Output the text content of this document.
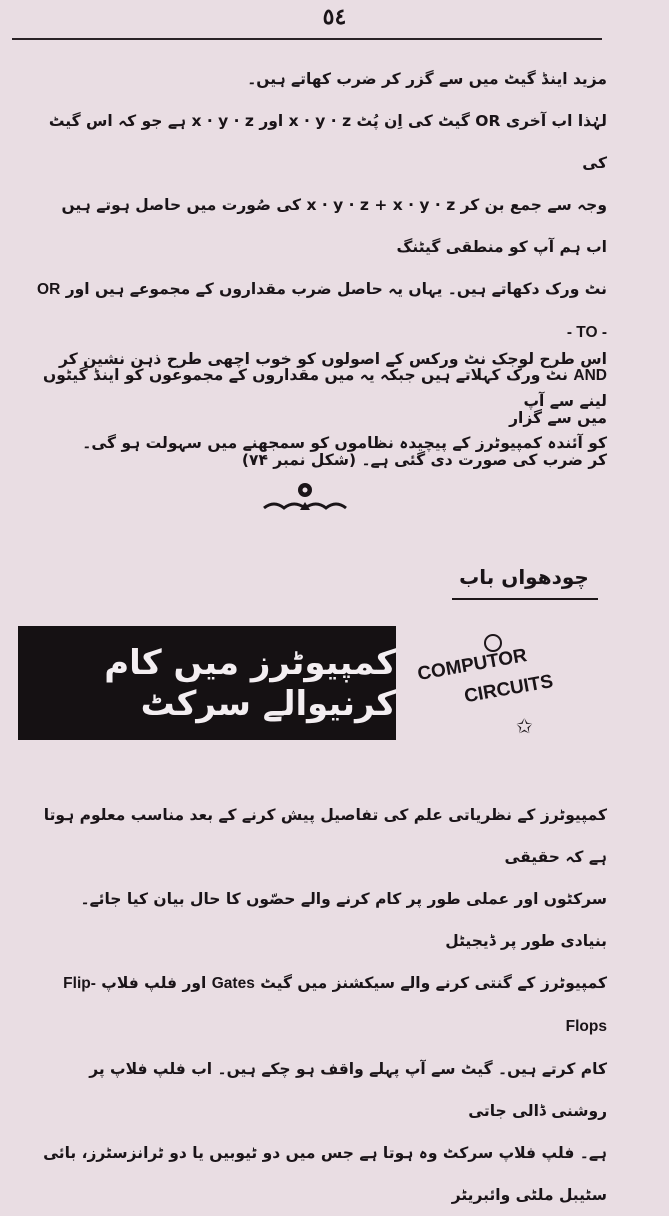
٥٤
مزید اینڈ گیٹ میں سے گزر کر ضرب کھاتے ہیں۔
لہٰذا اب آخری OR گیٹ کی اِن پُٹ x · y · z اور x · y · z ہے جو کہ اس گیٹ کی
وجہ سے جمع بن کر x · y · z + x · y · z کی صُورت میں حاصل ہوتے ہیں اب ہم آپ کو منطقی گیٹنگ
نٹ ورک دکھاتے ہیں۔ یہاں یہ حاصل ضرب مقداروں کے مجموعے ہیں اور OR - TO -
AND نٹ ورک کہلاتے ہیں جبکہ یہ میں مقداروں کے مجموعوں کو اینڈ گیٹوں میں سے گزار
کر ضرب کی صورت دی گئی ہے۔ (شکل نمبر ۷۴)
اس طرح لوجک نٹ ورکس کے اصولوں کو خوب اچھی طرح ذہن نشین کر لینے سے آپ
کو آئندہ کمپیوٹرز کے پیچیدہ نظاموں کو سمجھنے میں سہولت ہو گی۔
چودھواں باب
کمپیوٹرز میں کام کرنیوالے سرکٹ
COMPUTOR
CIRCUITS
✩
کمپیوٹرز کے نظریاتی علم کی تفاصیل پیش کرنے کے بعد مناسب معلوم ہوتا ہے کہ حقیقی
سرکٹوں اور عملی طور پر کام کرنے والے حصّوں کا حال بیان کیا جائے۔ بنیادی طور پر ڈیجیٹل
کمپیوٹرز کے گنتی کرنے والے سیکشنز میں گیٹ Gates اور فلپ فلاپ Flip-Flops
کام کرتے ہیں۔ گیٹ سے آپ پہلے واقف ہو چکے ہیں۔ اب فلپ فلاپ پر روشنی ڈالی جاتی
ہے۔ فلپ فلاپ سرکٹ وہ ہوتا ہے جس میں دو ٹیوبیں یا دو ٹرانزسٹرز، بائی سٹیبل ملٹی وائبریٹر
